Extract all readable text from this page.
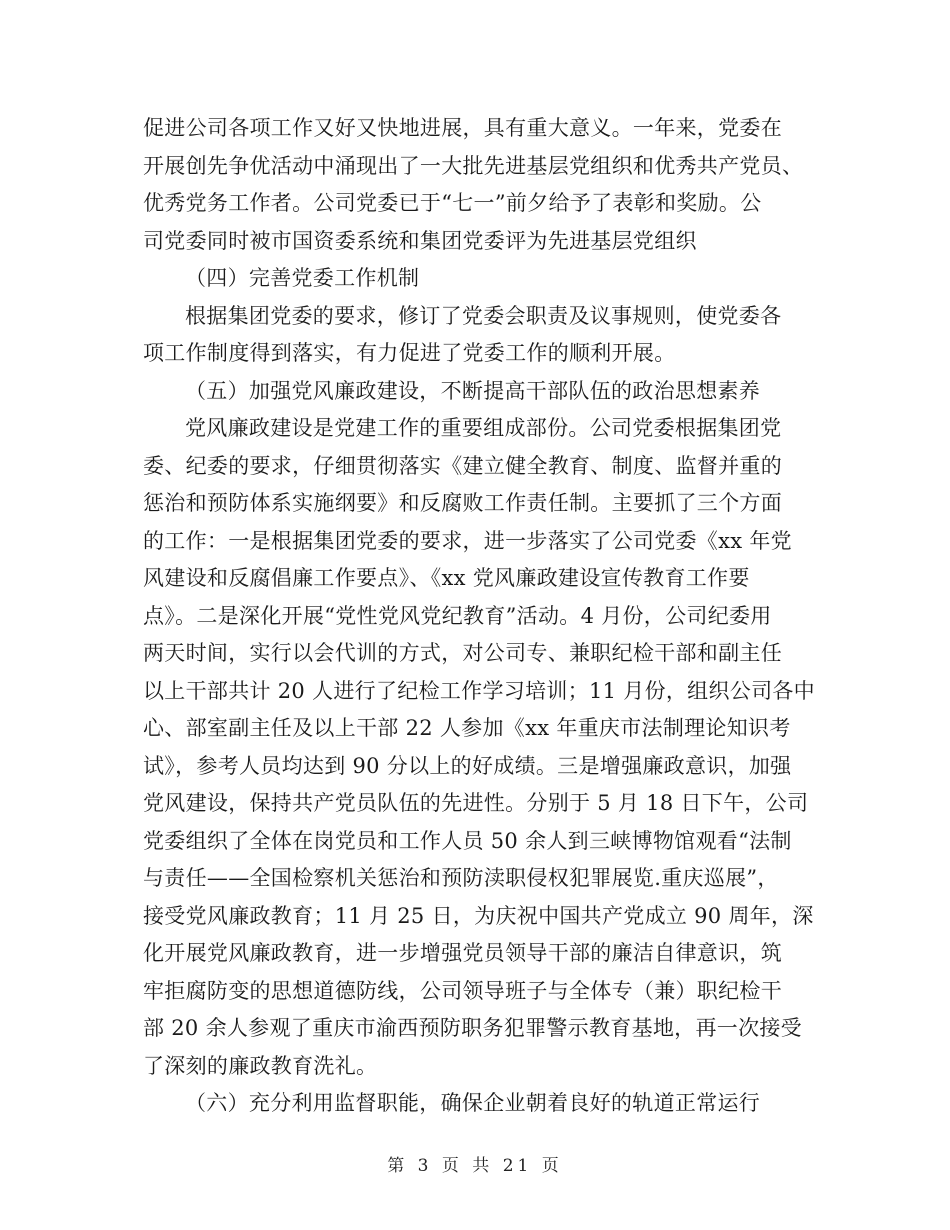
促进公司各项工作又好又快地进展，具有重大意义。一年来，党委在
开展创先争优活动中涌现出了一大批先进基层党组织和优秀共产党员、
优秀党务工作者。公司党委已于“七一”前夕给予了表彰和奖励。公
司党委同时被市国资委系统和集团党委评为先进基层党组织
（四）完善党委工作机制
根据集团党委的要求，修订了党委会职责及议事规则，使党委各
项工作制度得到落实，有力促进了党委工作的顺利开展。
（五）加强党风廉政建设，不断提高干部队伍的政治思想素养
党风廉政建设是党建工作的重要组成部份。公司党委根据集团党
委、纪委的要求，仔细贯彻落实《建立健全教育、制度、监督并重的
惩治和预防体系实施纲要》和反腐败工作责任制。主要抓了三个方面
的工作：一是根据集团党委的要求，进一步落实了公司党委《xx 年党
风建设和反腐倡廉工作要点》、《xx 党风廉政建设宣传教育工作要
点》。二是深化开展“党性党风党纪教育”活动。4 月份，公司纪委用
两天时间，实行以会代训的方式，对公司专、兼职纪检干部和副主任
以上干部共计 20 人进行了纪检工作学习培训；11 月份，组织公司各中
心、部室副主任及以上干部 22 人参加《xx 年重庆市法制理论知识考
试》，参考人员均达到 90 分以上的好成绩。三是增强廉政意识，加强
党风建设，保持共产党员队伍的先进性。分别于 5 月 18 日下午，公司
党委组织了全体在岗党员和工作人员 50 余人到三峡博物馆观看“法制
与责任——全国检察机关惩治和预防渎职侵权犯罪展览.重庆巡展”，
接受党风廉政教育；11 月 25 日，为庆祝中国共产党成立 90 周年，深
化开展党风廉政教育，进一步增强党员领导干部的廉洁自律意识，筑
牢拒腐防变的思想道德防线，公司领导班子与全体专（兼）职纪检干
部 20 余人参观了重庆市渝西预防职务犯罪警示教育基地，再一次接受
了深刻的廉政教育洗礼。
（六）充分利用监督职能，确保企业朝着良好的轨道正常运行
第 3 页 共 21 页
